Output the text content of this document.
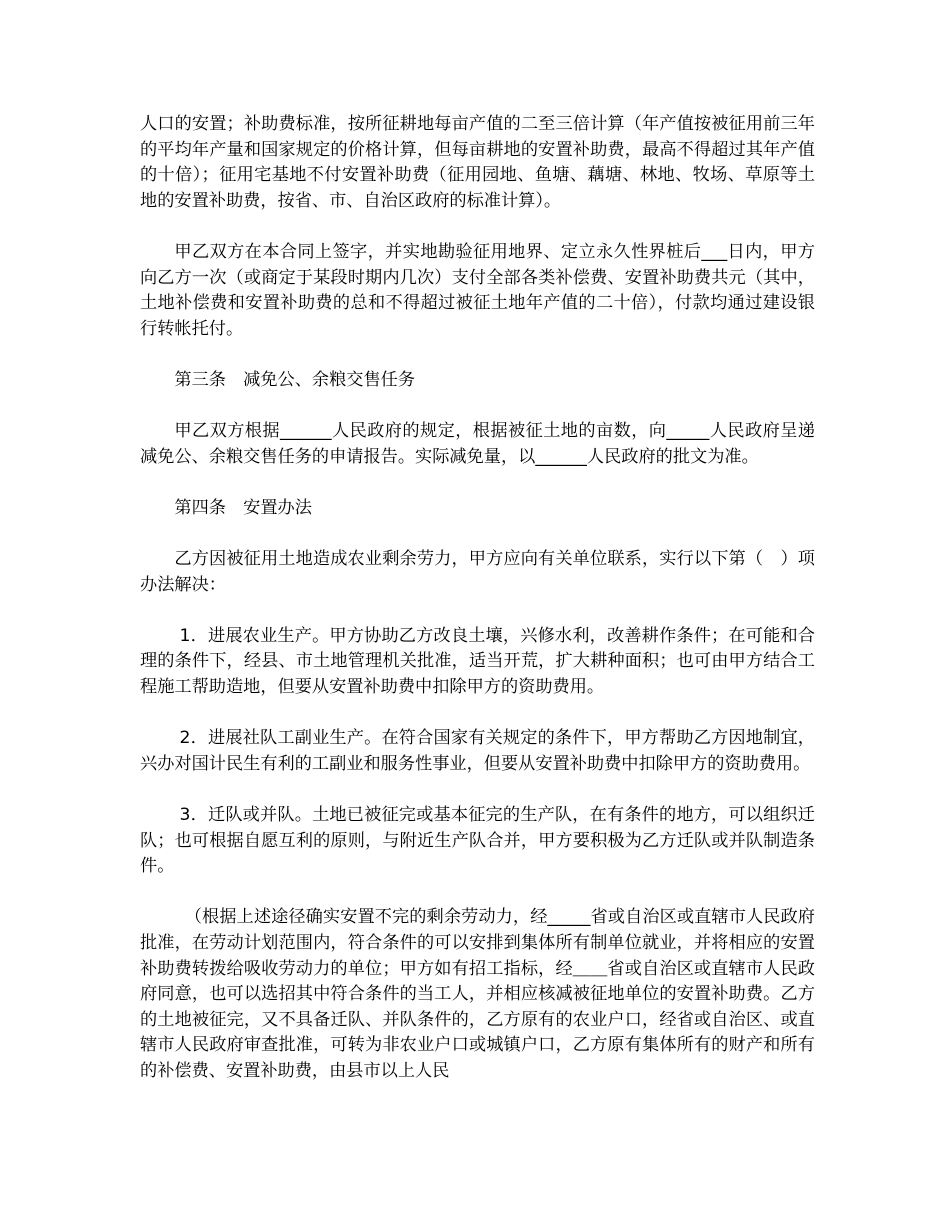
人口的安置；补助费标准，按所征耕地每亩产值的二至三倍计算（年产值按被征用前三年的平均年产量和国家规定的价格计算，但每亩耕地的安置补助费，最高不得超过其年产值的十倍）；征用宅基地不付安置补助费（征用园地、鱼塘、藕塘、林地、牧场、草原等土地的安置补助费，按省、市、自治区政府的标准计算）。

甲乙双方在本合同上签字，并实地勘验征用地界、定立永久性界桩后___日内，甲方向乙方一次（或商定于某段时期内几次）支付全部各类补偿费、安置补助费共元（其中，土地补偿费和安置补助费的总和不得超过被征土地年产值的二十倍），付款均通过建设银行转帐托付。

第三条　减免公、余粮交售任务

甲乙双方根据______人民政府的规定，根据被征土地的亩数，向_____人民政府呈递减免公、余粮交售任务的申请报告。实际减免量，以______人民政府的批文为准。

第四条　安置办法

乙方因被征用土地造成农业剩余劳力，甲方应向有关单位联系，实行以下第（　）项办法解决：

1．进展农业生产。甲方协助乙方改良土壤，兴修水利，改善耕作条件；在可能和合理的条件下，经县、市土地管理机关批准，适当开荒，扩大耕种面积；也可由甲方结合工程施工帮助造地，但要从安置补助费中扣除甲方的资助费用。

2．进展社队工副业生产。在符合国家有关规定的条件下，甲方帮助乙方因地制宜，兴办对国计民生有利的工副业和服务性事业，但要从安置补助费中扣除甲方的资助费用。

3．迁队或并队。土地已被征完或基本征完的生产队，在有条件的地方，可以组织迁队；也可根据自愿互利的原则，与附近生产队合并，甲方要积极为乙方迁队或并队制造条件。

（根据上述途径确实安置不完的剩余劳动力，经_____省或自治区或直辖市人民政府批准，在劳动计划范围内，符合条件的可以安排到集体所有制单位就业，并将相应的安置补助费转拨给吸收劳动力的单位；甲方如有招工指标，经＿＿省或自治区或直辖市人民政府同意，也可以选招其中符合条件的当工人，并相应核减被征地单位的安置补助费。乙方的土地被征完，又不具备迁队、并队条件的，乙方原有的农业户口，经省或自治区、或直辖市人民政府审查批准，可转为非农业户口或城镇户口，乙方原有集体所有的财产和所有的补偿费、安置补助费，由县市以上人民
